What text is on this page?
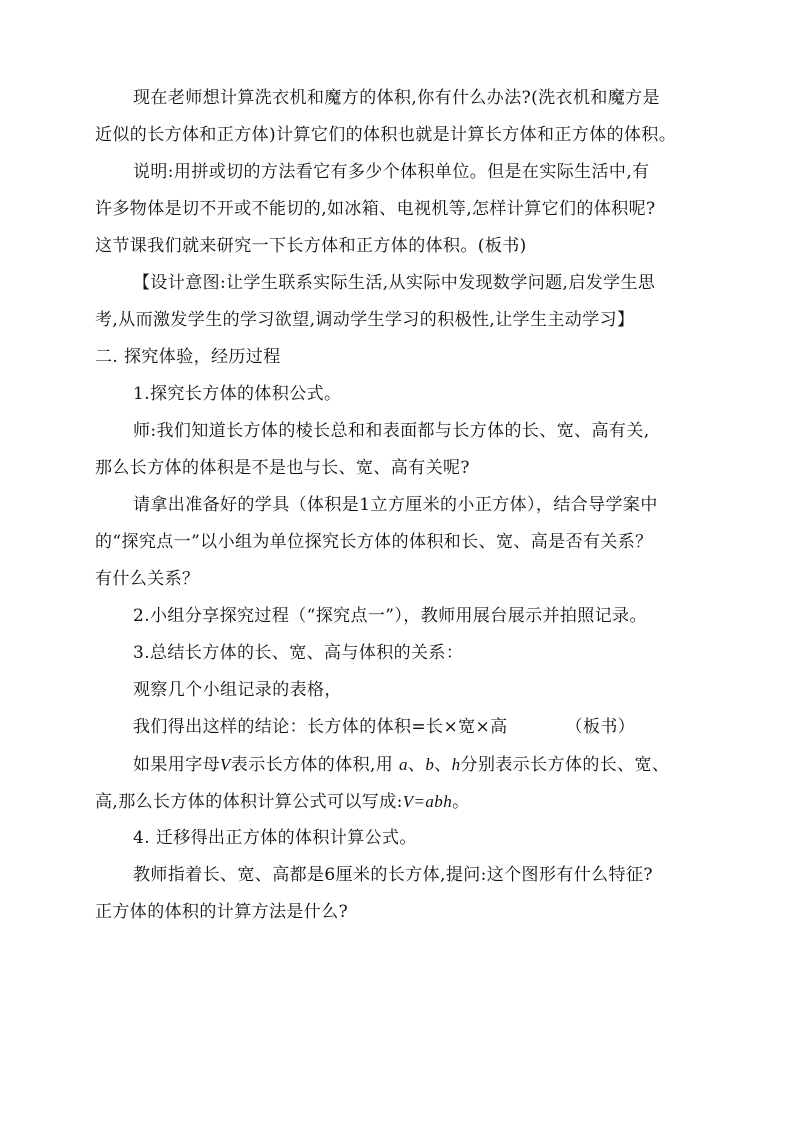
现在老师想计算洗衣机和魔方的体积,你有什么办法?(洗衣机和魔方是
近似的长方体和正方体)计算它们的体积也就是计算长方体和正方体的体积。
说明:用拼或切的方法看它有多少个体积单位。但是在实际生活中,有
许多物体是切不开或不能切的,如冰箱、电视机等,怎样计算它们的体积呢?
这节课我们就来研究一下长方体和正方体的体积。(板书)
【设计意图:让学生联系实际生活,从实际中发现数学问题,启发学生思
考,从而激发学生的学习欲望,调动学生学习的积极性,让学生主动学习】
二. 探究体验，经历过程
1.探究长方体的体积公式。
师:我们知道长方体的棱长总和和表面都与长方体的长、宽、高有关,
那么长方体的体积是不是也与长、宽、高有关呢?
请拿出准备好的学具（体积是1立方厘米的小正方体），结合导学案中
的“探究点一”以小组为单位探究长方体的体积和长、宽、高是否有关系？
有什么关系？
2.小组分享探究过程（“探究点一”），教师用展台展示并拍照记录。
3.总结长方体的长、宽、高与体积的关系：
观察几个小组记录的表格，
我们得出这样的结论：长方体的体积=长×宽×高	（板书）
如果用字母V表示长方体的体积,用 a、b、h分别表示长方体的长、宽、
高,那么长方体的体积计算公式可以写成:V=abh。
4. 迁移得出正方体的体积计算公式。
教师指着长、宽、高都是6厘米的长方体,提问:这个图形有什么特征?
正方体的体积的计算方法是什么?
